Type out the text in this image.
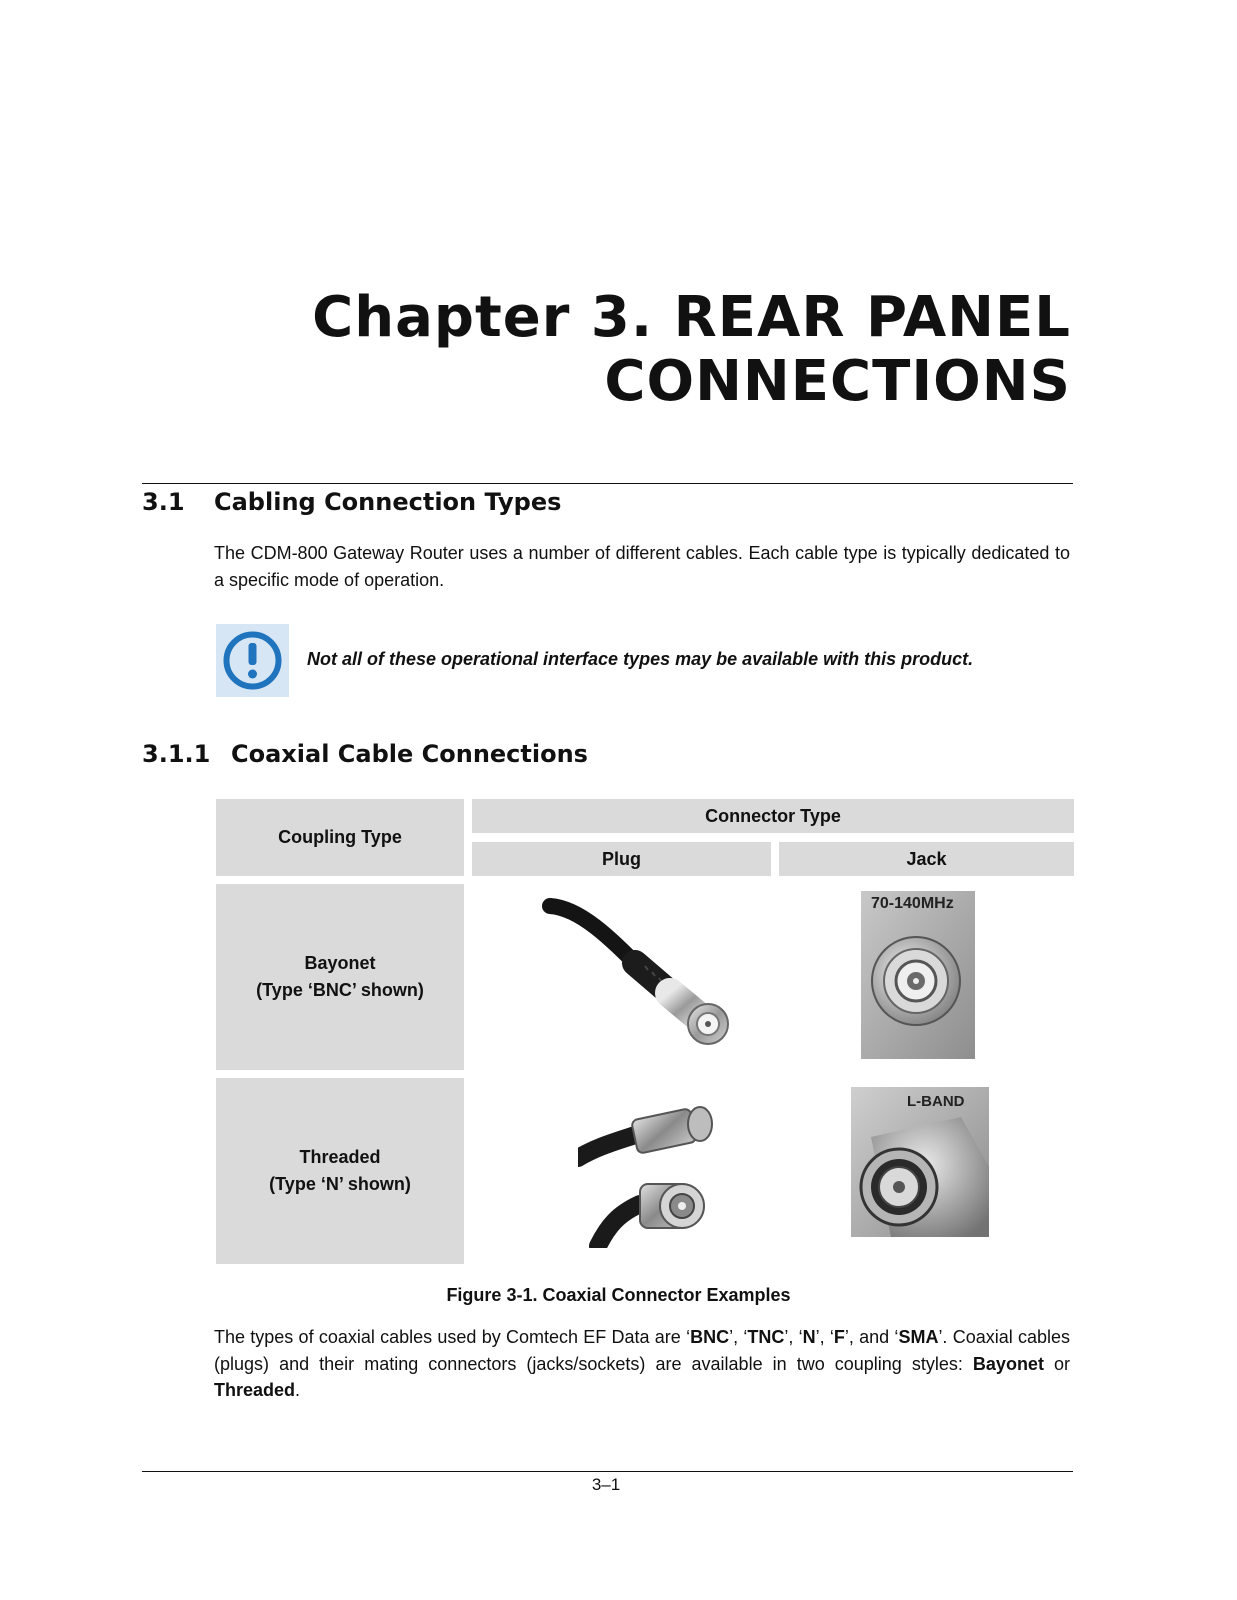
Chapter 3. REAR PANEL
CONNECTIONS
3.1 Cabling Connection Types
The CDM-800 Gateway Router uses a number of different cables. Each cable type is typically dedicated to a specific mode of operation.
Not all of these operational interface types may be available with this product.
3.1.1 Coaxial Cable Connections
Coupling Type
Connector Type
Plug	Jack
Bayonet
(Type ‘BNC’ shown)
70-140MHz
Threaded
(Type ‘N’ shown)
L-BAND
Figure 3-1. Coaxial Connector Examples
The types of coaxial cables used by Comtech EF Data are ‘BNC’, ‘TNC’, ‘N’, ‘F’, and ‘SMA’. Coaxial cables (plugs) and their mating connectors (jacks/sockets) are available in two coupling styles: Bayonet or Threaded.
3–1
